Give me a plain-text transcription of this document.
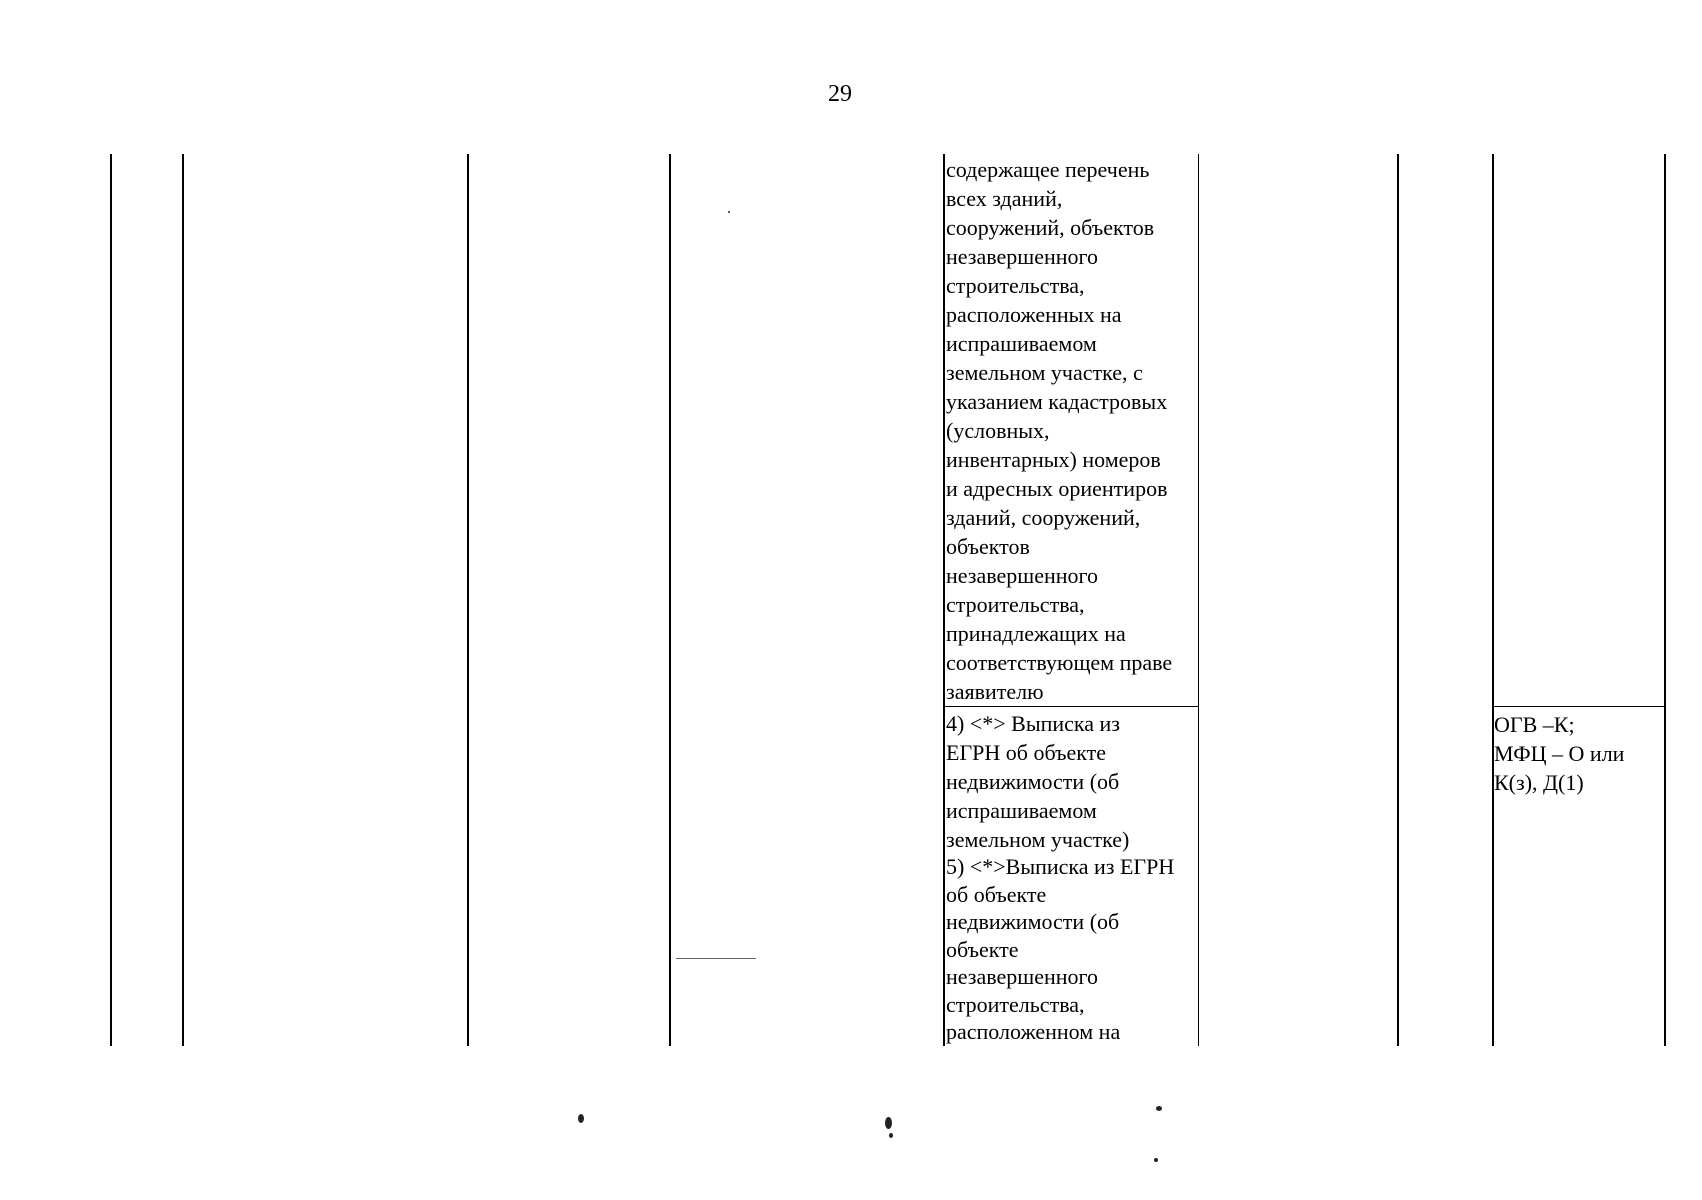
29
содержащее перечень
всех зданий,
сооружений, объектов
незавершенного
строительства,
расположенных на
испрашиваемом
земельном участке, с
указанием кадастровых
(условных,
инвентарных) номеров
и адресных ориентиров
зданий, сооружений,
объектов
незавершенного
строительства,
принадлежащих на
соответствующем праве
заявителю
4) <*> Выписка из
ЕГРН об объекте
недвижимости (об
испрашиваемом
земельном участке)
5) <*>Выписка из ЕГРН
об объекте
недвижимости (об
объекте
незавершенного
строительства,
расположенном на
ОГВ –К;
МФЦ – О или
К(з), Д(1)
